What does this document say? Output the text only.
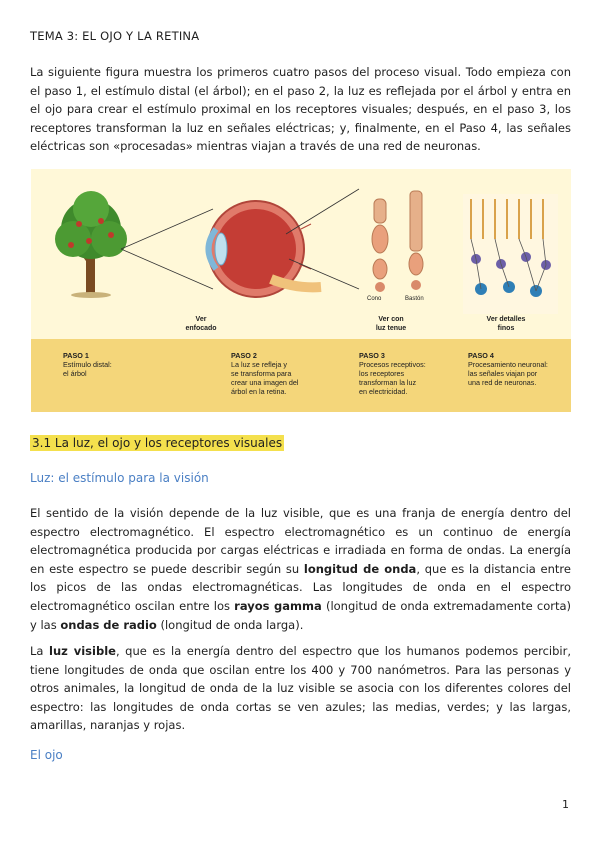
TEMA 3: EL OJO Y LA RETINA

La siguiente figura muestra los primeros cuatro pasos del proceso visual. Todo empieza con el paso 1, el estímulo distal (el árbol); en el paso 2, la luz es reflejada por el árbol y entra en el ojo para crear el estímulo proximal en los receptores visuales; después, en el paso 3, los receptores transforman la luz en señales eléctricas; y, finalmente, en el Paso 4, las señales eléctricas son «procesadas» mientras viajan a través de una red de neuronas.

Cono	Bastón
Ver
enfocado
Ver con
luz tenue
Ver detalles
finos
PASO 1
Estímulo distal:
el árbol
PASO 2
La luz se refleja y
se transforma para
crear una imagen del
árbol en la retina.
PASO 3
Procesos receptivos:
los receptores
transforman la luz
en electricidad.
PASO 4
Procesamiento neuronal:
las señales viajan por
una red de neuronas.
3.1 La luz, el ojo y los receptores visuales
Luz: el estímulo para la visión

El sentido de la visión depende de la luz visible, que es una franja de energía dentro del espectro electromagnético. El espectro electromagnético es un continuo de energía electromagnética producida por cargas eléctricas e irradiada en forma de ondas. La energía en este espectro se puede describir según su longitud de onda, que es la distancia entre los picos de las ondas electromagnéticas. Las longitudes de onda en el espectro electromagnético oscilan entre los rayos gamma (longitud de onda extremadamente corta) y las ondas de radio (longitud de onda larga).

La luz visible, que es la energía dentro del espectro que los humanos podemos percibir, tiene longitudes de onda que oscilan entre los 400 y 700 nanómetros. Para las personas y otros animales, la longitud de onda de la luz visible se asocia con los diferentes colores del espectro: las longitudes de onda cortas se ven azules; las medias, verdes; y las largas, amarillas, naranjas y rojas.

El ojo
1
